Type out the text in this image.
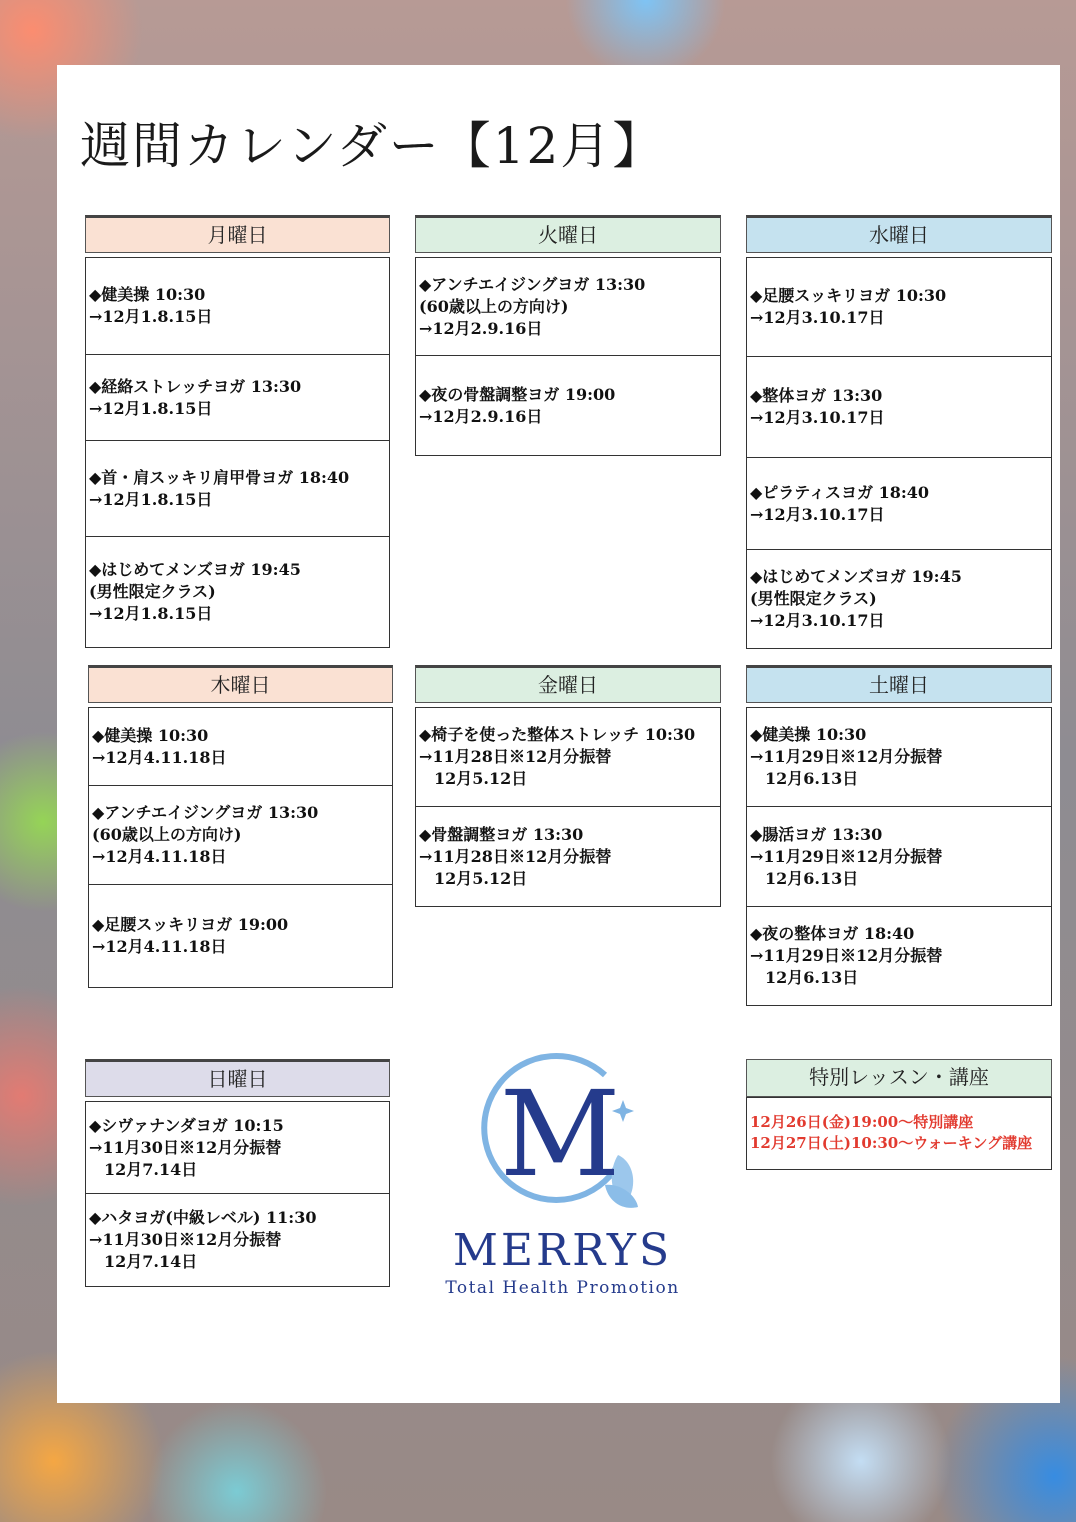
週間カレンダー【12月】
月曜日
◆健美操 10:30
→12月1.8.15日
◆経絡ストレッチヨガ 13:30
→12月1.8.15日
◆首・肩スッキリ肩甲骨ヨガ 18:40
→12月1.8.15日
◆はじめてメンズヨガ 19:45
(男性限定クラス)
→12月1.8.15日
火曜日
◆アンチエイジングヨガ 13:30
(60歳以上の方向け)
→12月2.9.16日
◆夜の骨盤調整ヨガ 19:00
→12月2.9.16日
水曜日
◆足腰スッキリヨガ 10:30
→12月3.10.17日
◆整体ヨガ 13:30
→12月3.10.17日
◆ピラティスヨガ 18:40
→12月3.10.17日
◆はじめてメンズヨガ 19:45
(男性限定クラス)
→12月3.10.17日
木曜日
◆健美操 10:30
→12月4.11.18日
◆アンチエイジングヨガ 13:30
(60歳以上の方向け)
→12月4.11.18日
◆足腰スッキリヨガ 19:00
→12月4.11.18日
金曜日
◆椅子を使った整体ストレッチ 10:30
→11月28日※12月分振替
12月5.12日
◆骨盤調整ヨガ 13:30
→11月28日※12月分振替
12月5.12日
土曜日
◆健美操 10:30
→11月29日※12月分振替
12月6.13日
◆腸活ヨガ 13:30
→11月29日※12月分振替
12月6.13日
◆夜の整体ヨガ 18:40
→11月29日※12月分振替
12月6.13日
日曜日
◆シヴァナンダヨガ 10:15
→11月30日※12月分振替
12月7.14日
◆ハタヨガ(中級レベル) 11:30
→11月30日※12月分振替
12月7.14日
特別レッスン・講座
12月26日(金)19:00～特別講座
12月27日(土)10:30～ウォーキング講座
M
MERRYS
Total Health Promotion
